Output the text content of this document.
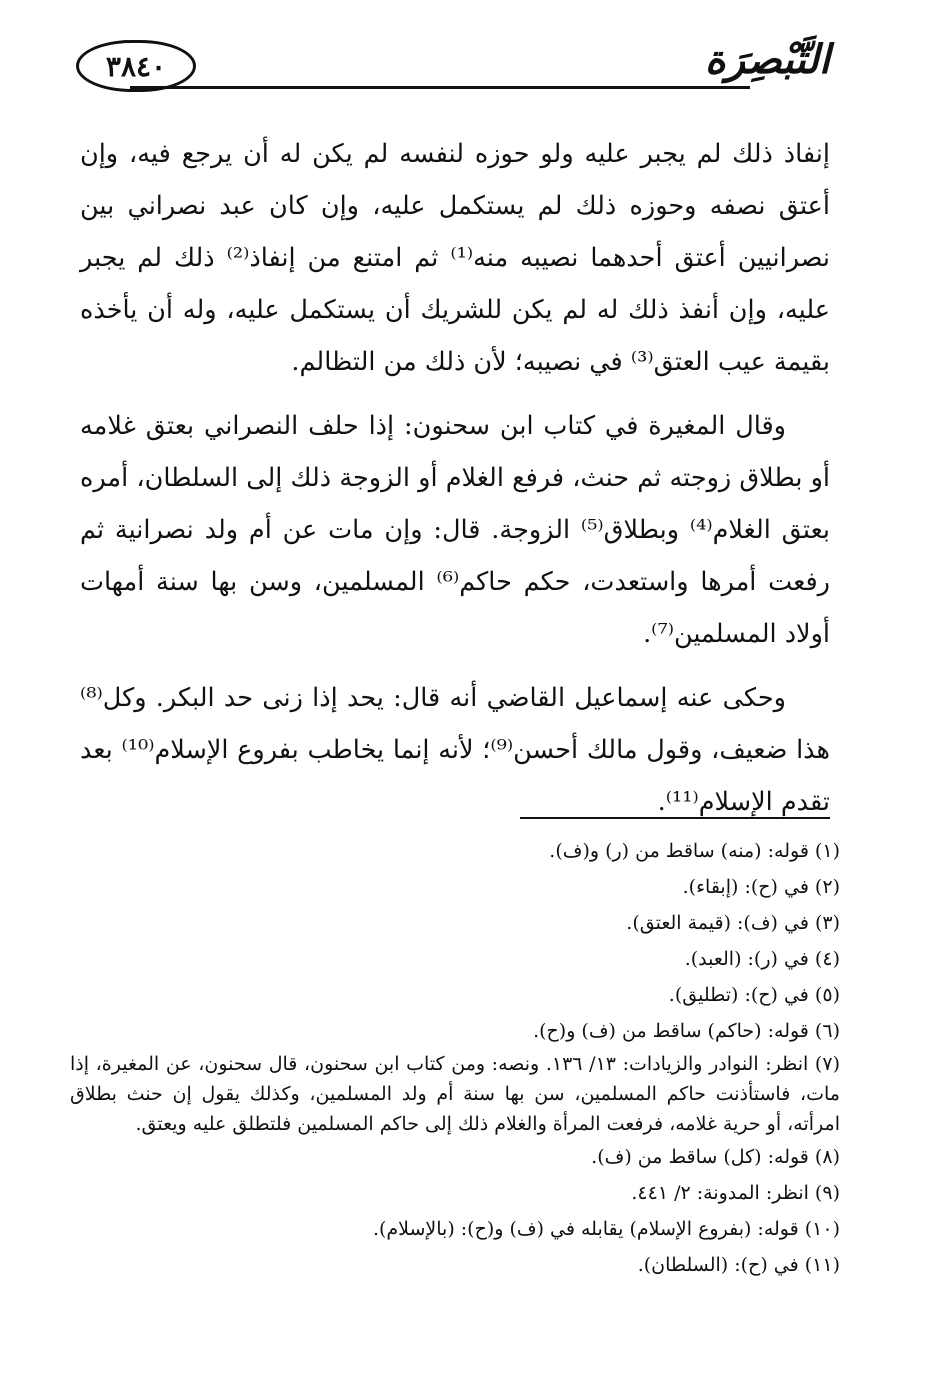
٣٨٤٠	التَّبْصِرَة

إنفاذ ذلك لم يجبر عليه ولو حوزه لنفسه لم يكن له أن يرجع فيه، وإن أعتق نصفه وحوزه ذلك لم يستكمل عليه، وإن كان عبد نصراني بين نصرانيين أعتق أحدهما نصيبه منه⁽¹⁾ ثم امتنع من إنفاذ⁽²⁾ ذلك لم يجبر عليه، وإن أنفذ ذلك له لم يكن للشريك أن يستكمل عليه، وله أن يأخذه بقيمة عيب العتق⁽³⁾ في نصيبه؛ لأن ذلك من التظالم.

وقال المغيرة في كتاب ابن سحنون: إذا حلف النصراني بعتق غلامه أو بطلاق زوجته ثم حنث، فرفع الغلام أو الزوجة ذلك إلى السلطان، أمره بعتق الغلام⁽⁴⁾ وبطلاق⁽⁵⁾ الزوجة. قال: وإن مات عن أم ولد نصرانية ثم رفعت أمرها واستعدت، حكم حاكم⁽⁶⁾ المسلمين، وسن بها سنة أمهات أولاد المسلمين⁽⁷⁾.

وحكى عنه إسماعيل القاضي أنه قال: يحد إذا زنى حد البكر. وكل⁽⁸⁾ هذا ضعيف، وقول مالك أحسن⁽⁹⁾؛ لأنه إنما يخاطب بفروع الإسلام⁽¹⁰⁾ بعد تقدم الإسلام⁽¹¹⁾.

(١) قوله: (منه) ساقط من (ر) و(ف).

(٢) في (ح): (إبقاء).

(٣) في (ف): (قيمة العتق).

(٤) في (ر): (العبد).

(٥) في (ح): (تطليق).

(٦) قوله: (حاكم) ساقط من (ف) و(ح).

(٧) انظر: النوادر والزيادات: ١٣/ ١٣٦. ونصه: ومن كتاب ابن سحنون، قال سحنون، عن المغيرة، إذا مات، فاستأذنت حاكم المسلمين، سن بها سنة أم ولد المسلمين، وكذلك يقول إن حنث بطلاق امرأته، أو حرية غلامه، فرفعت المرأة والغلام ذلك إلى حاكم المسلمين فلتطلق عليه ويعتق.

(٨) قوله: (كل) ساقط من (ف).

(٩) انظر: المدونة: ٢/ ٤٤١.

(١٠) قوله: (بفروع الإسلام) يقابله في (ف) و(ح): (بالإسلام).

(١١) في (ح): (السلطان).
